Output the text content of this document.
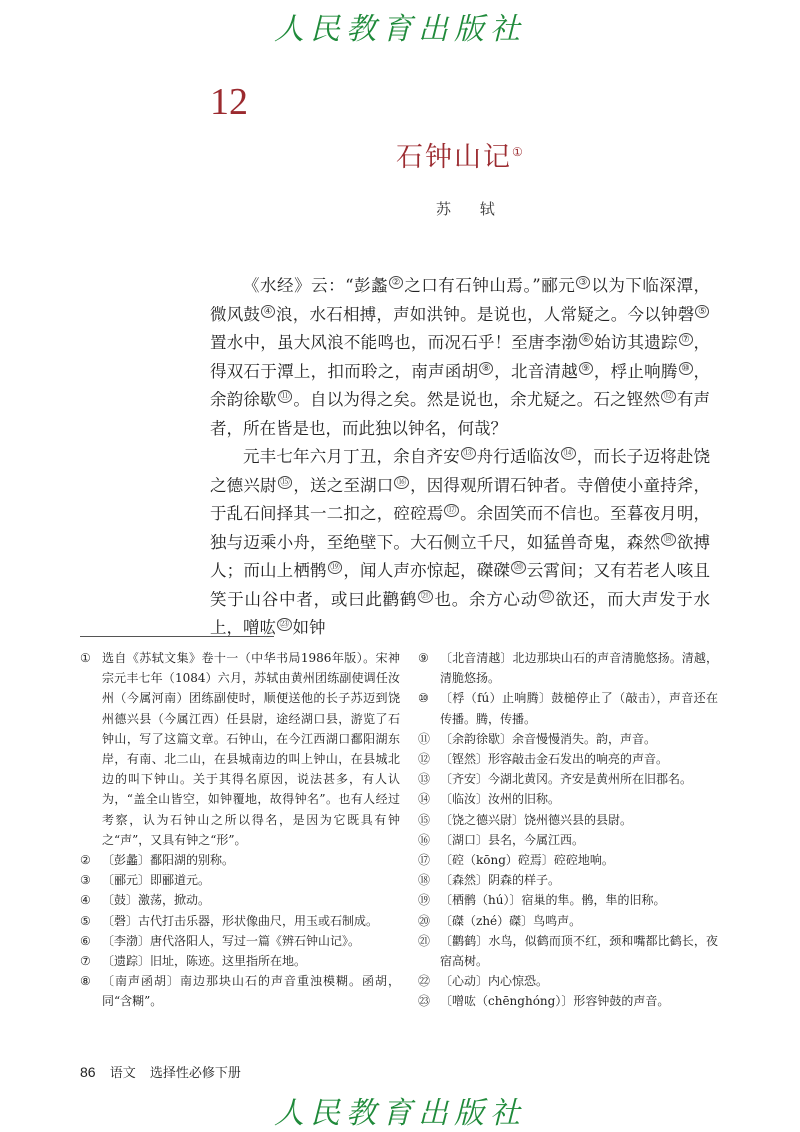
人民教育出版社
12
石钟山记①
苏 轼

《水经》云：“彭蠡 ② 之口有石钟山焉。”郦元 ③ 以为下临深潭，微风鼓 ④ 浪，水石相搏，声如洪钟。是说也，人常疑之。今以钟磬 ⑤置水中，虽大风浪不能鸣也，而况石乎！至唐李渤 ⑥ 始访其遗踪 ⑦ ，得双石于潭上，扣而聆之，南声函胡 ⑧ ，北音清越 ⑨ ，桴止响腾 ⑩ ，余韵徐歇 ⑪ 。自以为得之矣。然是说也，余尤疑之。石之铿然 ⑫ 有声者，所在皆是也，而此独以钟名，何哉？

元丰七年六月丁丑，余自齐安 ⑬ 舟行适临汝 ⑭ ，而长子迈将赴饶之德兴尉 ⑮ ，送之至湖口 ⑯ ，因得观所谓石钟者。寺僧使小童持斧，于乱石间择其一二扣之，硿硿焉 ⑰ 。余固笑而不信也。至暮夜月明，独与迈乘小舟，至绝壁下。大石侧立千尺，如猛兽奇鬼，森然 ⑱ 欲搏人；而山上栖鹘 ⑲ ，闻人声亦惊起，磔磔 ⑳ 云霄间；又有若老人咳且笑于山谷中者，或曰此鹳鹤 $^㉑$ 也。余方心动 $^㉒$ 欲还，而大声发于水上，噌吰 $^㉓$ 如钟

① 选自《苏轼文集》卷十一（中华书局1986年版）。宋神宗元丰七年（1084）六月，苏轼由黄州团练副使调任汝州（今属河南）团练副使时，顺便送他的长子苏迈到饶州德兴县（今属江西）任县尉，途经湖口县，游览了石钟山，写了这篇文章。石钟山，在今江西湖口鄱阳湖东岸，有南、北二山，在县城南边的叫上钟山，在县城北边的叫下钟山。关于其得名原因，说法甚多，有人认为，“盖全山皆空，如钟覆地，故得钟名”。也有人经过考察，认为石钟山之所以得名，是因为它既具有钟之“声”，又具有钟之“形”。
② 〔彭蠡〕鄱阳湖的别称。
③ 〔郦元〕即郦道元。
④ 〔鼓〕激荡，掀动。
⑤ 〔磬〕古代打击乐器，形状像曲尺，用玉或石制成。
⑥ 〔李渤〕唐代洛阳人，写过一篇《辨石钟山记》。
⑦ 〔遗踪〕旧址，陈迹。这里指所在地。
⑧ 〔南声函胡〕南边那块山石的声音重浊模糊。函胡，同“含糊”。
⑨ 〔北音清越〕北边那块山石的声音清脆悠扬。清越，清脆悠扬。
⑩ 〔桴（fú）止响腾〕鼓槌停止了（敲击），声音还在传播。腾，传播。
⑪ 〔余韵徐歇〕余音慢慢消失。韵，声音。
⑫ 〔铿然〕形容敲击金石发出的响亮的声音。
⑬ 〔齐安〕今湖北黄冈。齐安是黄州所在旧郡名。
⑭ 〔临汝〕汝州的旧称。
⑮ 〔饶之德兴尉〕饶州德兴县的县尉。
⑯ 〔湖口〕县名，今属江西。
⑰ 〔硿（kōng）硿焉〕硿硿地响。
⑱ 〔森然〕阴森的样子。
⑲ 〔栖鹘（hú）〕宿巢的隼。鹘，隼的旧称。
⑳ 〔磔（zhé）磔〕鸟鸣声。
㉑ 〔鹳鹤〕水鸟，似鹤而顶不红，颈和嘴都比鹤长，夜宿高树。
㉒ 〔心动〕内心惊恐。
㉓ 〔噌吰（chēnghóng）〕形容钟鼓的声音。
86 语文 选择性必修下册
人民教育出版社
